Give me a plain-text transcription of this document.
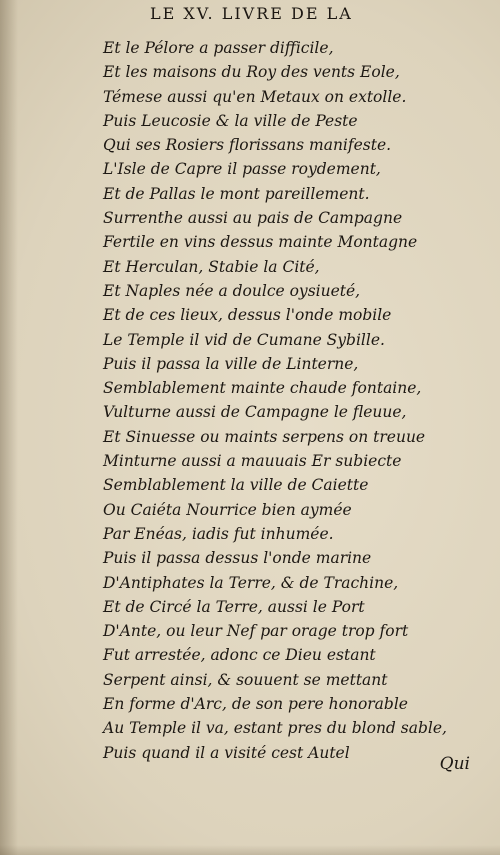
LE XV. LIVRE DE LA
Et le Pélore a passer difficile,
Et les maisons du Roy des vents Eole,
Témese aussi qu'en Metaux on extolle.
Puis Leucosie & la ville de Peste
Qui ses Rosiers florissans manifeste.
L'Isle de Capre il passe roydement,
Et de Pallas le mont pareillement.
Surrenthe aussi au pais de Campagne
Fertile en vins dessus mainte Montagne
Et Herculan, Stabie la Cité,
Et Naples née a doulce oysiueté,
Et de ces lieux, dessus l'onde mobile
Le Temple il vid de Cumane Sybille.
Puis il passa la ville de Linterne,
Semblablement mainte chaude fontaine,
Vulturne aussi de Campagne le fleuue,
Et Sinuesse ou maints serpens on treuue
Minturne aussi a mauuais Er subiecte
Semblablement la ville de Caiette
Ou Caiéta Nourrice bien aymée
Par Enéas, iadis fut inhumée.
Puis il passa dessus l'onde marine
D'Antiphates la Terre, & de Trachine,
Et de Circé la Terre, aussi le Port
D'Ante, ou leur Nef par orage trop fort
Fut arrestée, adonc ce Dieu estant
Serpent ainsi, & souuent se mettant
En forme d'Arc, de son pere honorable
Au Temple il va, estant pres du blond sable,
Puis quand il a visité cest Autel
Qui
